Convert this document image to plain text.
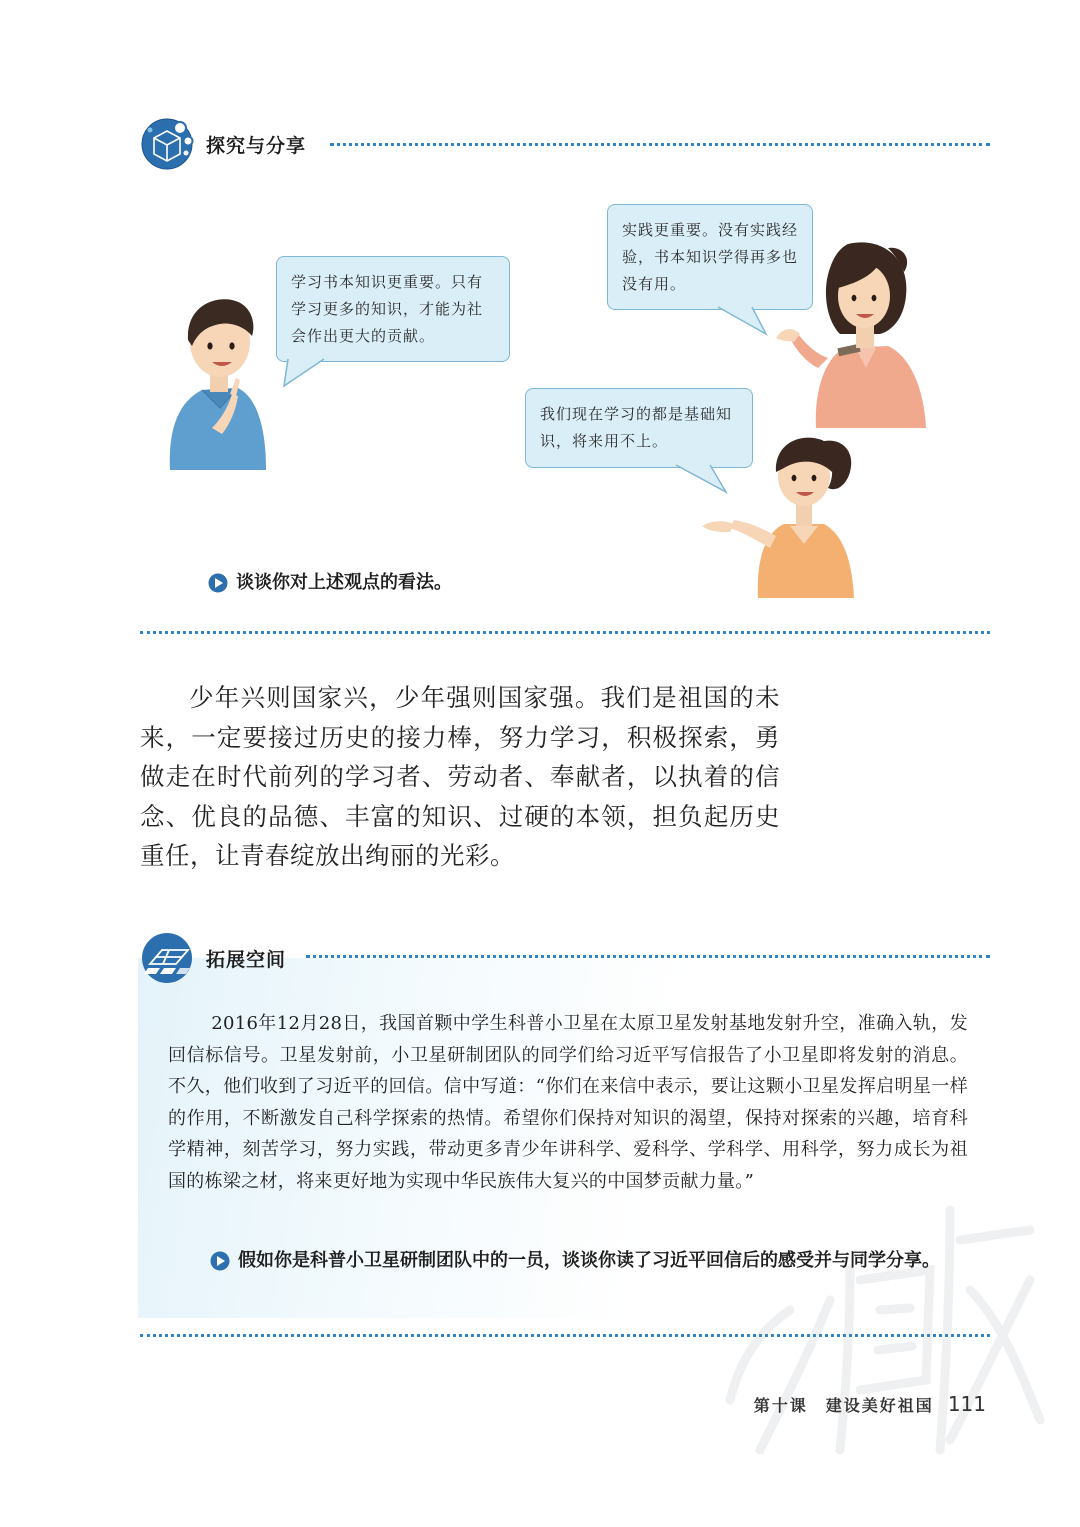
探究与分享
学习书本知识更重要。只有学习更多的知识，才能为社会作出更大的贡献。
实践更重要。没有实践经验，书本知识学得再多也没有用。
我们现在学习的都是基础知识，将来用不上。
谈谈你对上述观点的看法。
少年兴则国家兴，少年强则国家强。我们是祖国的未来，一定要接过历史的接力棒，努力学习，积极探索，勇做走在时代前列的学习者、劳动者、奉献者，以执着的信念、优良的品德、丰富的知识、过硬的本领，担负起历史重任，让青春绽放出绚丽的光彩。
拓展空间
2016年12月28日，我国首颗中学生科普小卫星在太原卫星发射基地发射升空，准确入轨，发回信标信号。卫星发射前，小卫星研制团队的同学们给习近平写信报告了小卫星即将发射的消息。不久，他们收到了习近平的回信。信中写道：“你们在来信中表示，要让这颗小卫星发挥启明星一样的作用，不断激发自己科学探索的热情。希望你们保持对知识的渴望，保持对探索的兴趣，培育科学精神，刻苦学习，努力实践，带动更多青少年讲科学、爱科学、学科学、用科学，努力成长为祖国的栋梁之材，将来更好地为实现中华民族伟大复兴的中国梦贡献力量。”
假如你是科普小卫星研制团队中的一员，谈谈你读了习近平回信后的感受并与同学分享。
第十课　建设美好祖国 111
